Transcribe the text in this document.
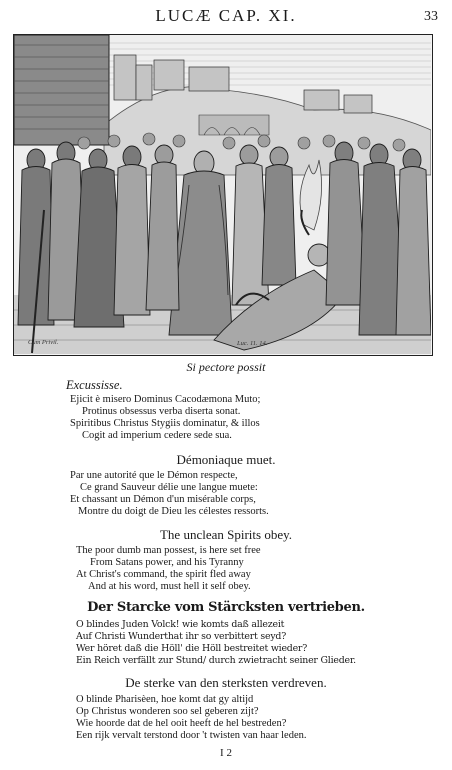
LUCÆ CAP. XI.	33
Cum Privil.	Luc. 11. 14.
Si pectore possit
Excussisse.
Ejicit è misero Dominus Cacodæmona Muto;
Protinus obsessus verba diserta sonat.
Spiritibus Christus Stygiis dominatur, & illos
Cogit ad imperium cedere sede sua.
Démoniaque muet.
Par une autorité que le Démon respecte,
Ce grand Sauveur délie une langue muete:
Et chassant un Démon d'un misérable corps,
Montre du doigt de Dieu les célestes ressorts.
The unclean Spirits obey.
The poor dumb man possest, is here set free
From Satans power, and his Tyranny
At Christ's command, the spirit fled away
And at his word, must hell it self obey.
Der Starcke vom Stärcksten vertrieben.
O blindes Juden Volck! wie komts daß allezeit
Auf Christi Wunderthat ihr so verbittert seyd?
Wer höret daß die Höll' die Höll bestreitet wieder?
Ein Reich verfällt zur Stund/ durch zwietracht seiner Glieder.
De sterke van den sterksten verdreven.
O blinde Pharisèen, hoe komt dat gy altijd
Op Christus wonderen soo sel geberen zijt?
Wie hoorde dat de hel ooit heeft de hel bestreden?
Een rijk vervalt terstond door 't twisten van haar leden.
I 2
